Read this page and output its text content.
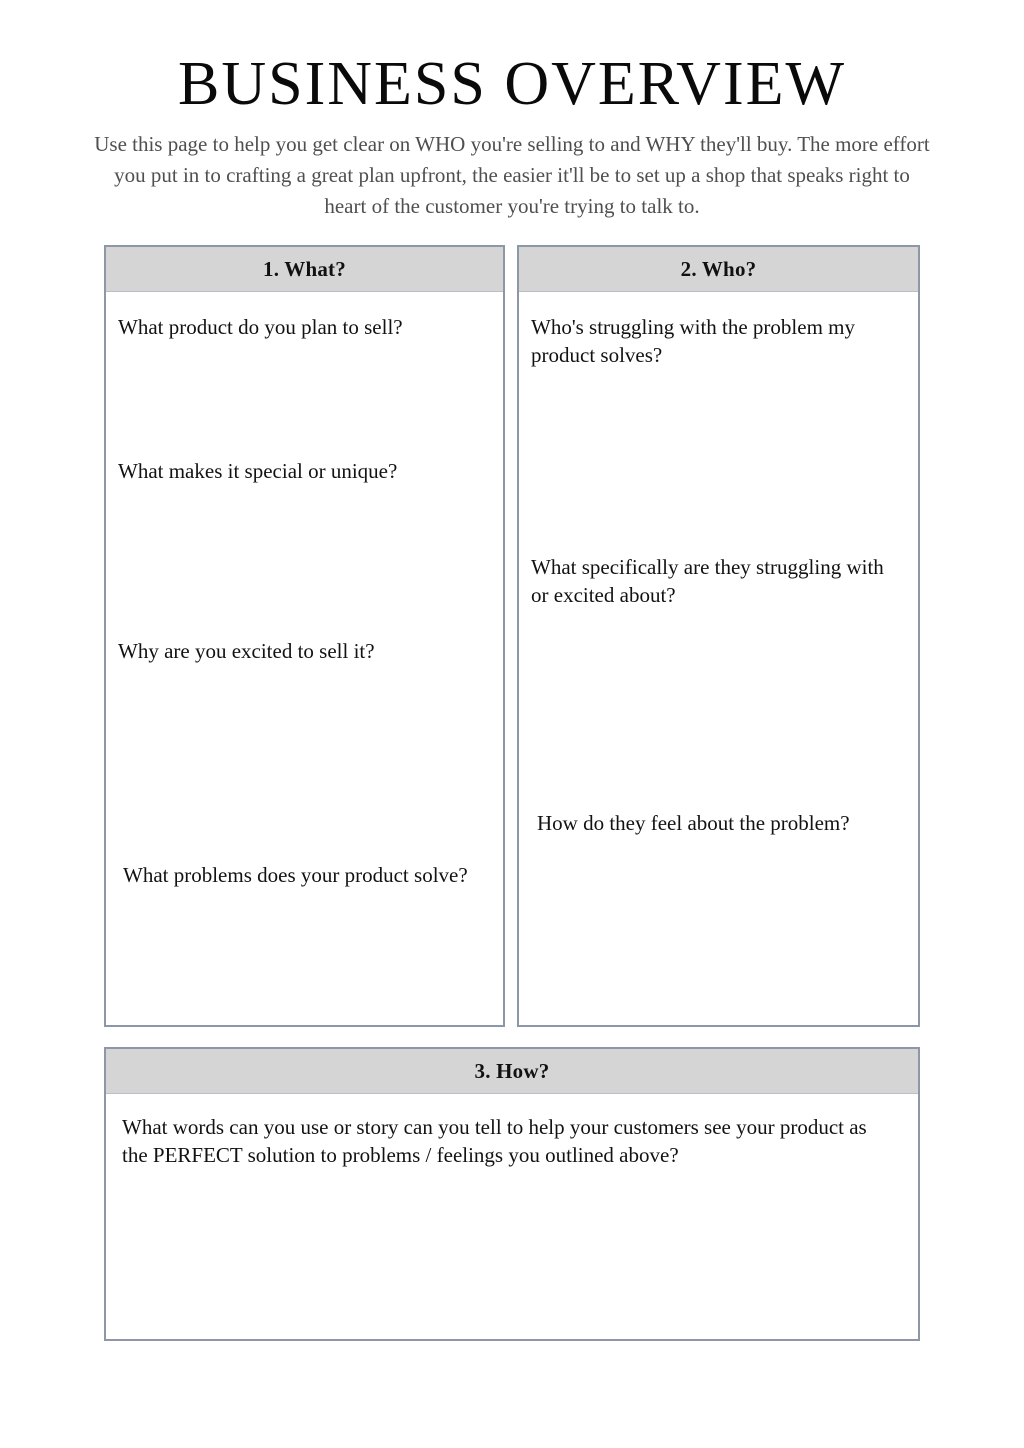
BUSINESS OVERVIEW

Use this page to help you get clear on WHO you're selling to and WHY they'll buy. The more effort you put in to crafting a great plan upfront, the easier it'll be to set up a shop that speaks right to heart of the customer you're trying to talk to.

1. What?
What product do you plan to sell?
What makes it special or unique?
Why are you excited to sell it?
What problems does your product solve?
2. Who?
Who's struggling with the problem my product solves?
What specifically are they struggling with or excited about?
How do they feel about the problem?
3. How?
What words can you use or story can you tell to help your customers see your product as the PERFECT solution to problems / feelings you outlined above?
